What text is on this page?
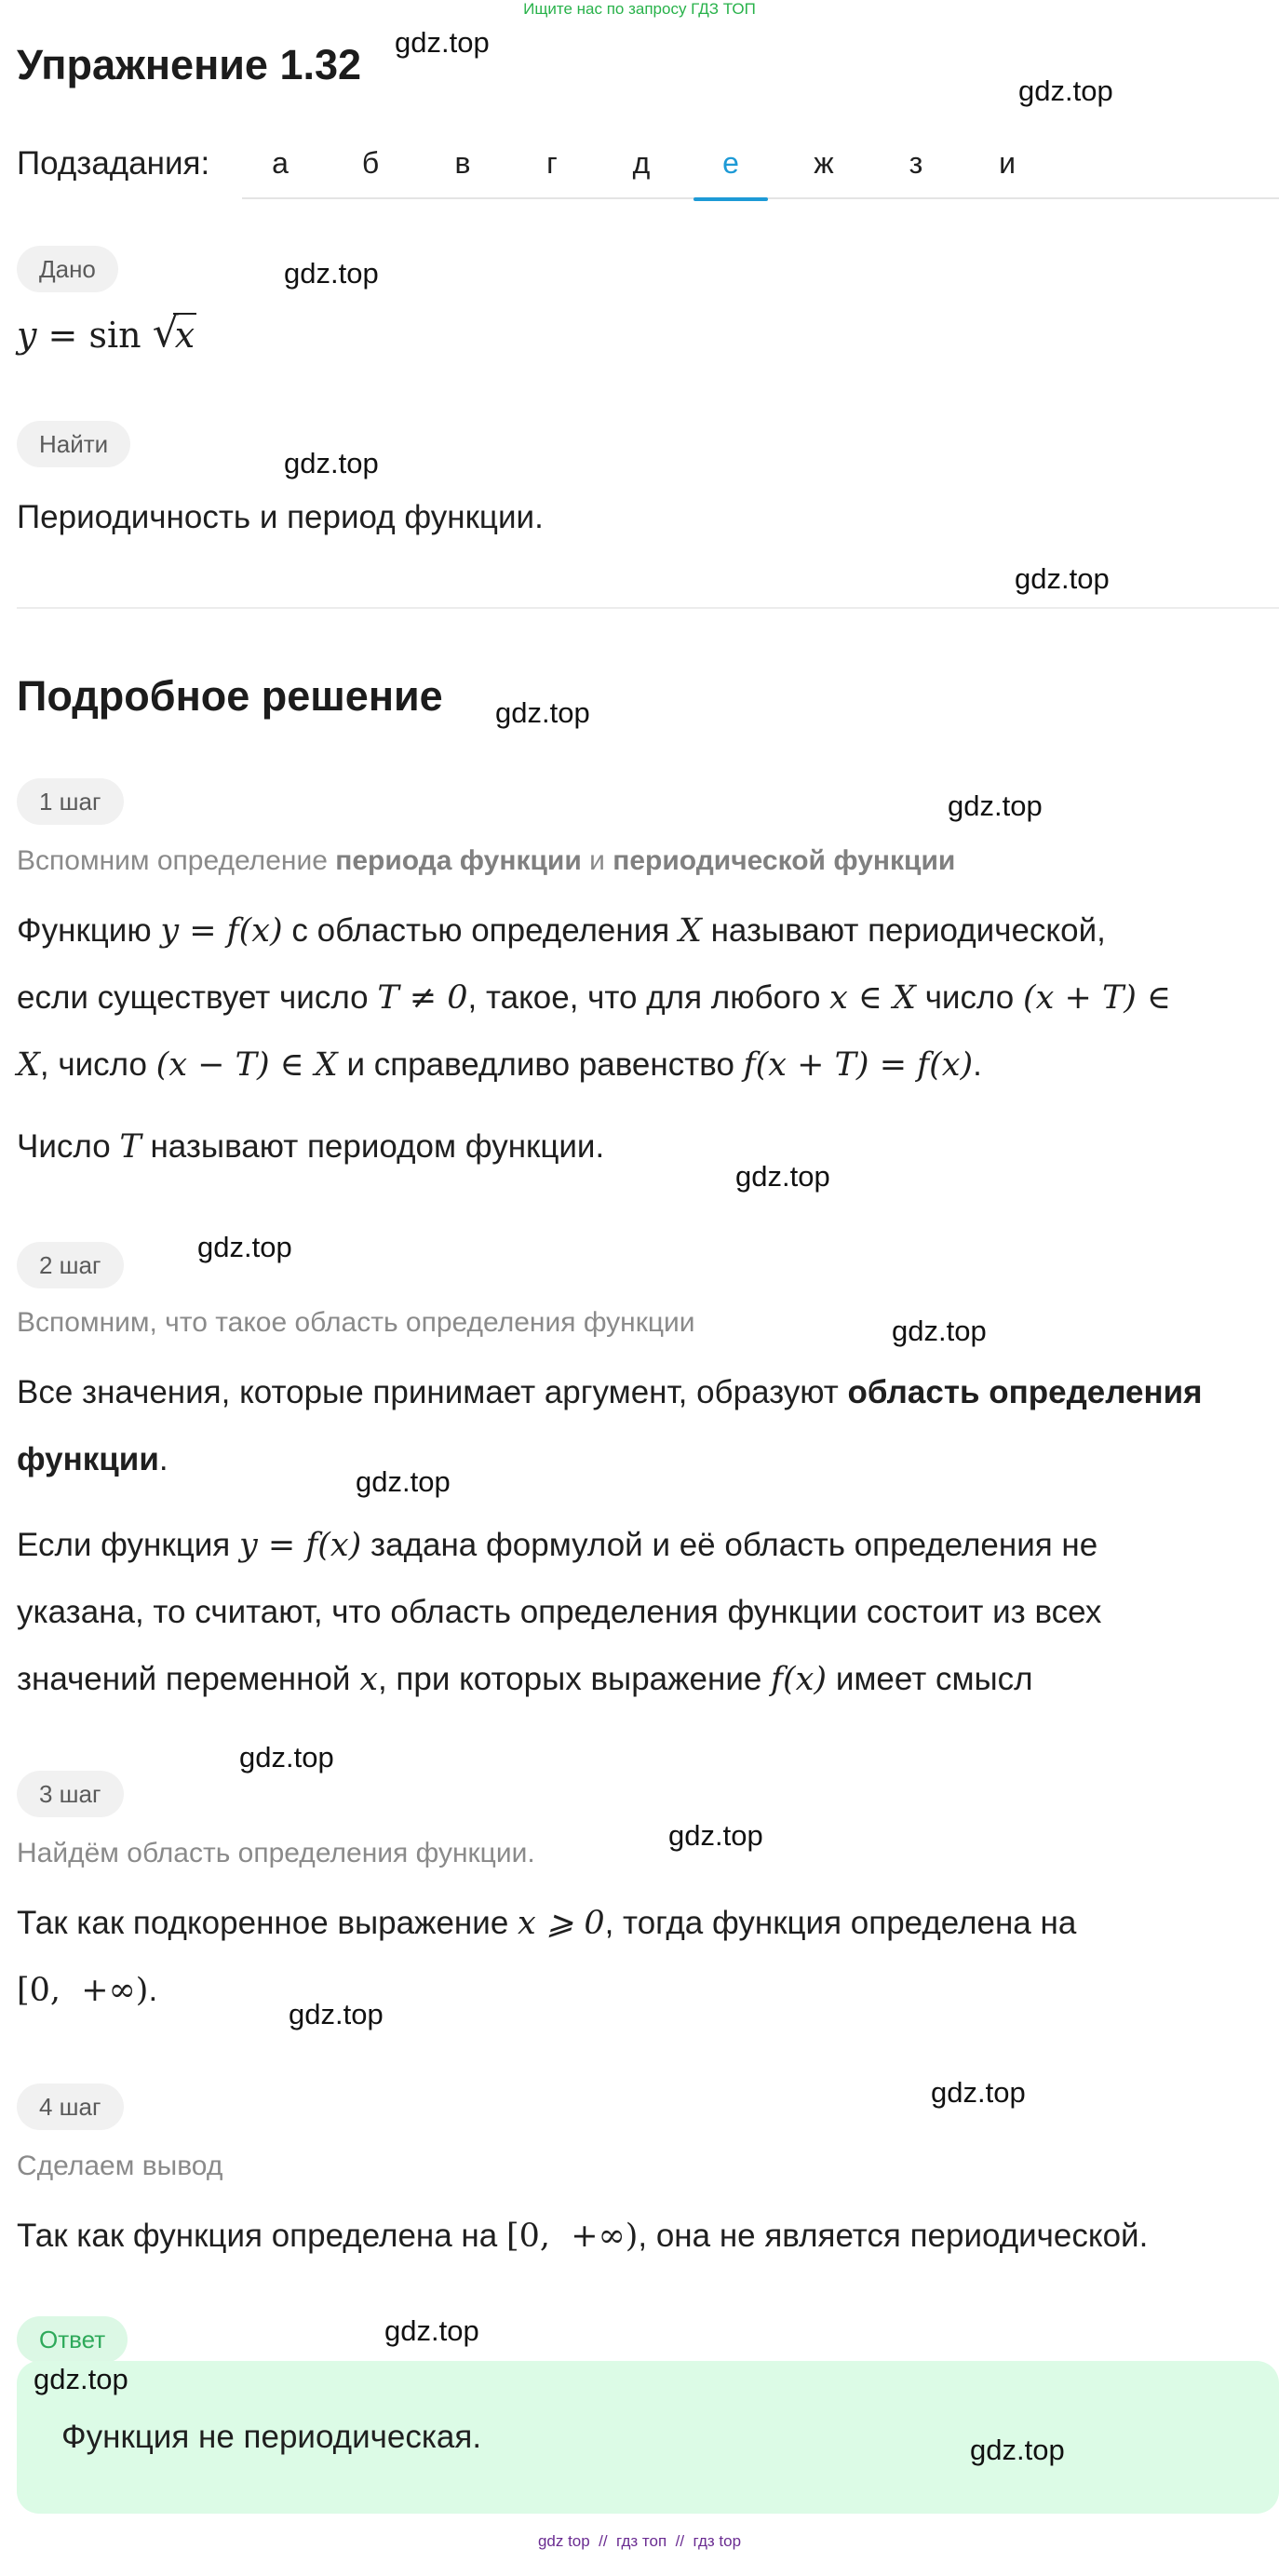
Ищите нас по запросу ГДЗ ТОП
Упражнение 1.32
Подзадания:	а	б	в	г	д	е	ж	з	и
Дано
y = sin √
x
Найти
Периодичность и период функции.
Подробное решение
1 шаг
Вспомним определение периода функции и периодической функции
Функцию y = f(x) с областью определения X называют периодической,
если существует число T ≠ 0, такое, что для любого x ∈ X число (x + T) ∈
X, число (x − T) ∈ X и справедливо равенство f(x + T) = f(x).
Число T называют периодом функции.
2 шаг
Вспомним, что такое область определения функции
Все значения, которые принимает аргумент, образуют область определения
функции.
Если функция y = f(x) задана формулой и её область определения не
указана, то считают, что область определения функции состоит из всех
значений переменной x, при которых выражение f(x) имеет смысл
3 шаг
Найдём область определения функции.
Так как подкоренное выражение x ⩾ 0, тогда функция определена на
[0,  +∞).
4 шаг
Сделаем вывод
Так как функция определена на [0,  +∞), она не является периодической.
Ответ
Функция не периодическая.
gdz.top
gdz.top
gdz.top
gdz.top
gdz.top
gdz.top
gdz.top
gdz.top
gdz.top
gdz.top
gdz.top
gdz.top
gdz.top
gdz.top
gdz.top
gdz.top
gdz.top
gdz.top
gdz top  //  гдз топ  //  гдз top
